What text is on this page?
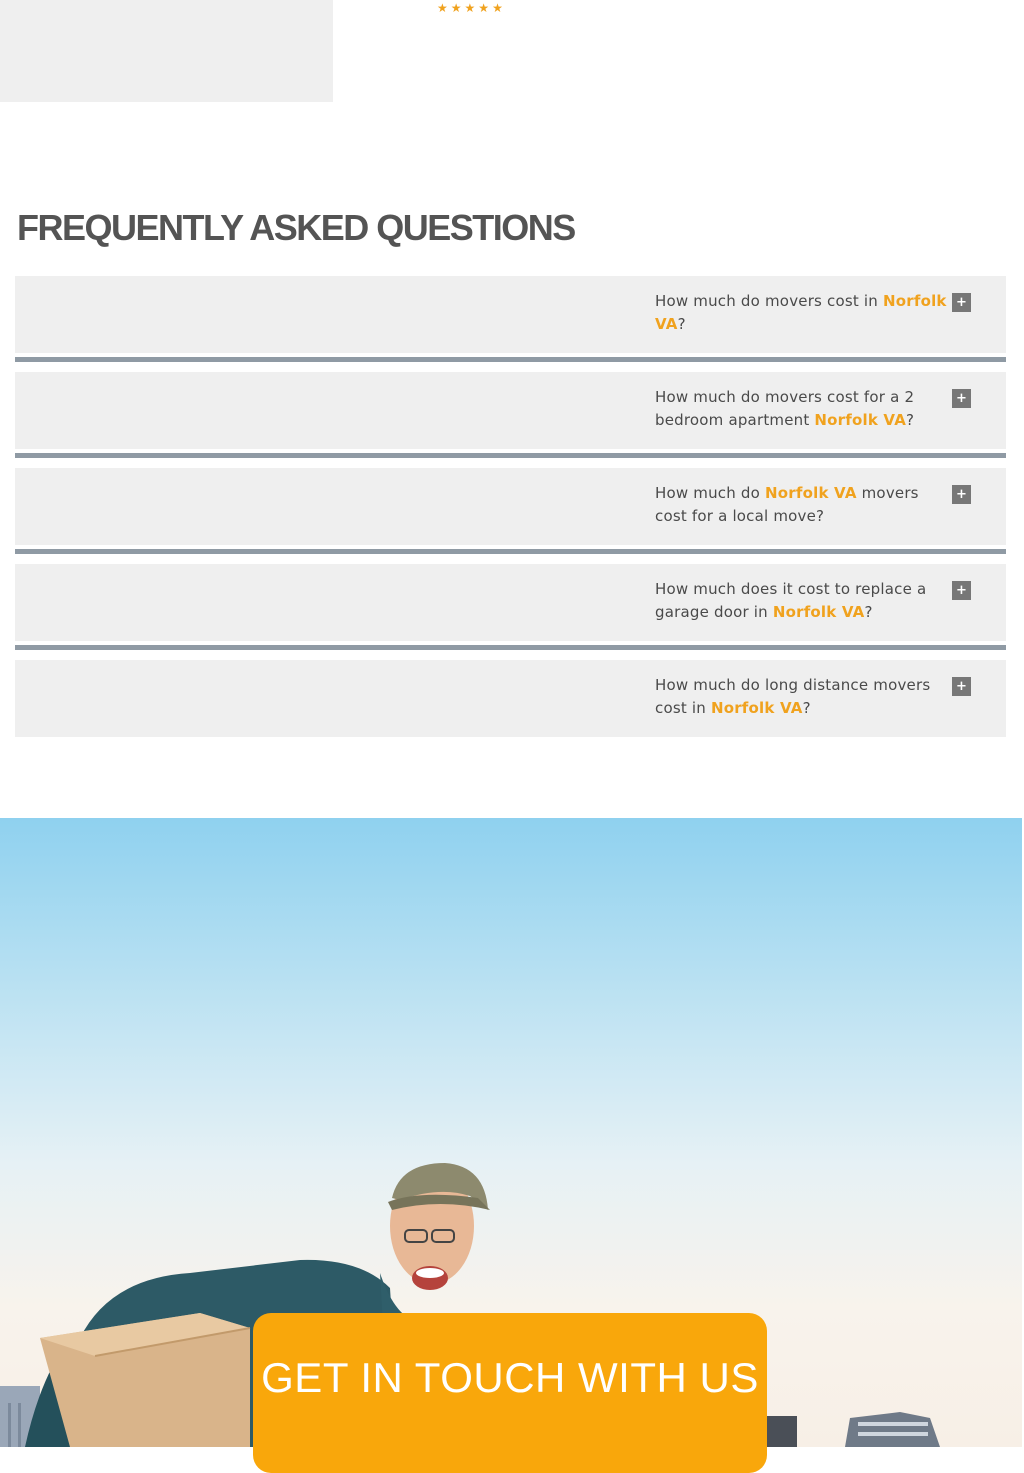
★ ★ ★ ★ ★
FREQUENTLY ASKED QUESTIONS
How much do movers cost in Norfolk VA?
+
How much do movers cost for a 2 bedroom apartment Norfolk VA?
+
How much do Norfolk VA movers cost for a local move?
+
How much does it cost to replace a garage door in Norfolk VA?
+
How much do long distance movers cost in Norfolk VA?
+
GET IN TOUCH WITH US
